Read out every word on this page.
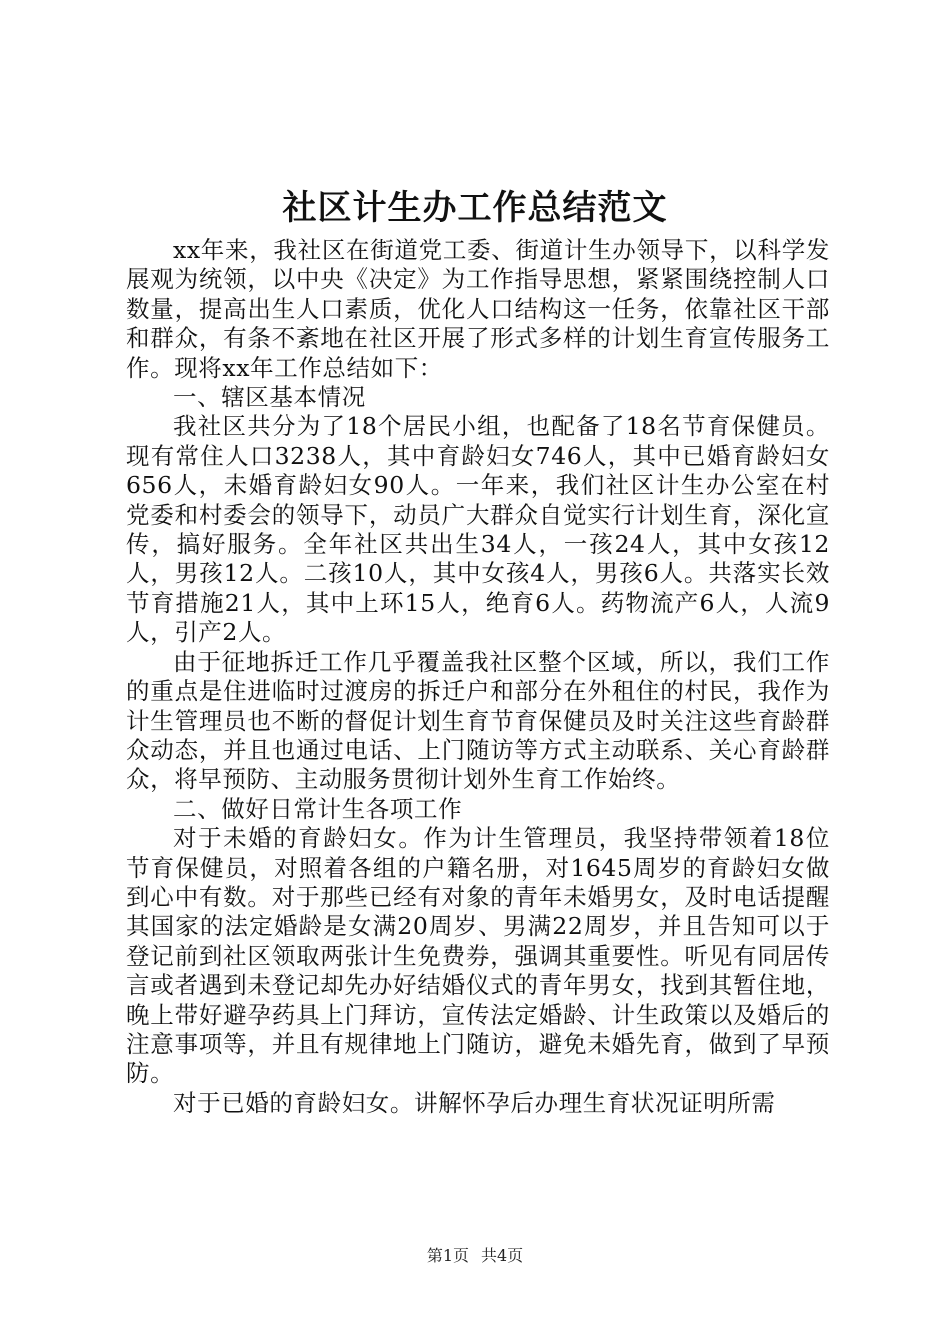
社区计生办工作总结范文

xx年来，我社区在街道党工委、街道计生办领导下，以科学发展观为统领，以中央《决定》为工作指导思想，紧紧围绕控制人口数量，提高出生人口素质，优化人口结构这一任务，依靠社区干部和群众，有条不紊地在社区开展了形式多样的计划生育宣传服务工作。现将xx年工作总结如下：

一、辖区基本情况

我社区共分为了18个居民小组，也配备了18名节育保健员。现有常住人口3238人，其中育龄妇女746人，其中已婚育龄妇女656人，未婚育龄妇女90人。一年来，我们社区计生办公室在村党委和村委会的领导下，动员广大群众自觉实行计划生育，深化宣传，搞好服务。全年社区共出生34人，一孩24人，其中女孩12人，男孩12人。二孩10人，其中女孩4人，男孩6人。共落实长效节育措施21人，其中上环15人，绝育6人。药物流产6人，人流9人，引产2人。

由于征地拆迁工作几乎覆盖我社区整个区域，所以，我们工作的重点是住进临时过渡房的拆迁户和部分在外租住的村民，我作为计生管理员也不断的督促计划生育节育保健员及时关注这些育龄群众动态，并且也通过电话、上门随访等方式主动联系、关心育龄群众，将早预防、主动服务贯彻计划外生育工作始终。

二、做好日常计生各项工作

对于未婚的育龄妇女。作为计生管理员，我坚持带领着18位节育保健员，对照着各组的户籍名册，对1645周岁的育龄妇女做到心中有数。对于那些已经有对象的青年未婚男女，及时电话提醒其国家的法定婚龄是女满20周岁、男满22周岁，并且告知可以于登记前到社区领取两张计生免费券，强调其重要性。听见有同居传言或者遇到未登记却先办好结婚仪式的青年男女，找到其暂住地，晚上带好避孕药具上门拜访，宣传法定婚龄、计生政策以及婚后的注意事项等，并且有规律地上门随访，避免未婚先育，做到了早预防。

对于已婚的育龄妇女。讲解怀孕后办理生育状况证明所需

第1页 共4页
